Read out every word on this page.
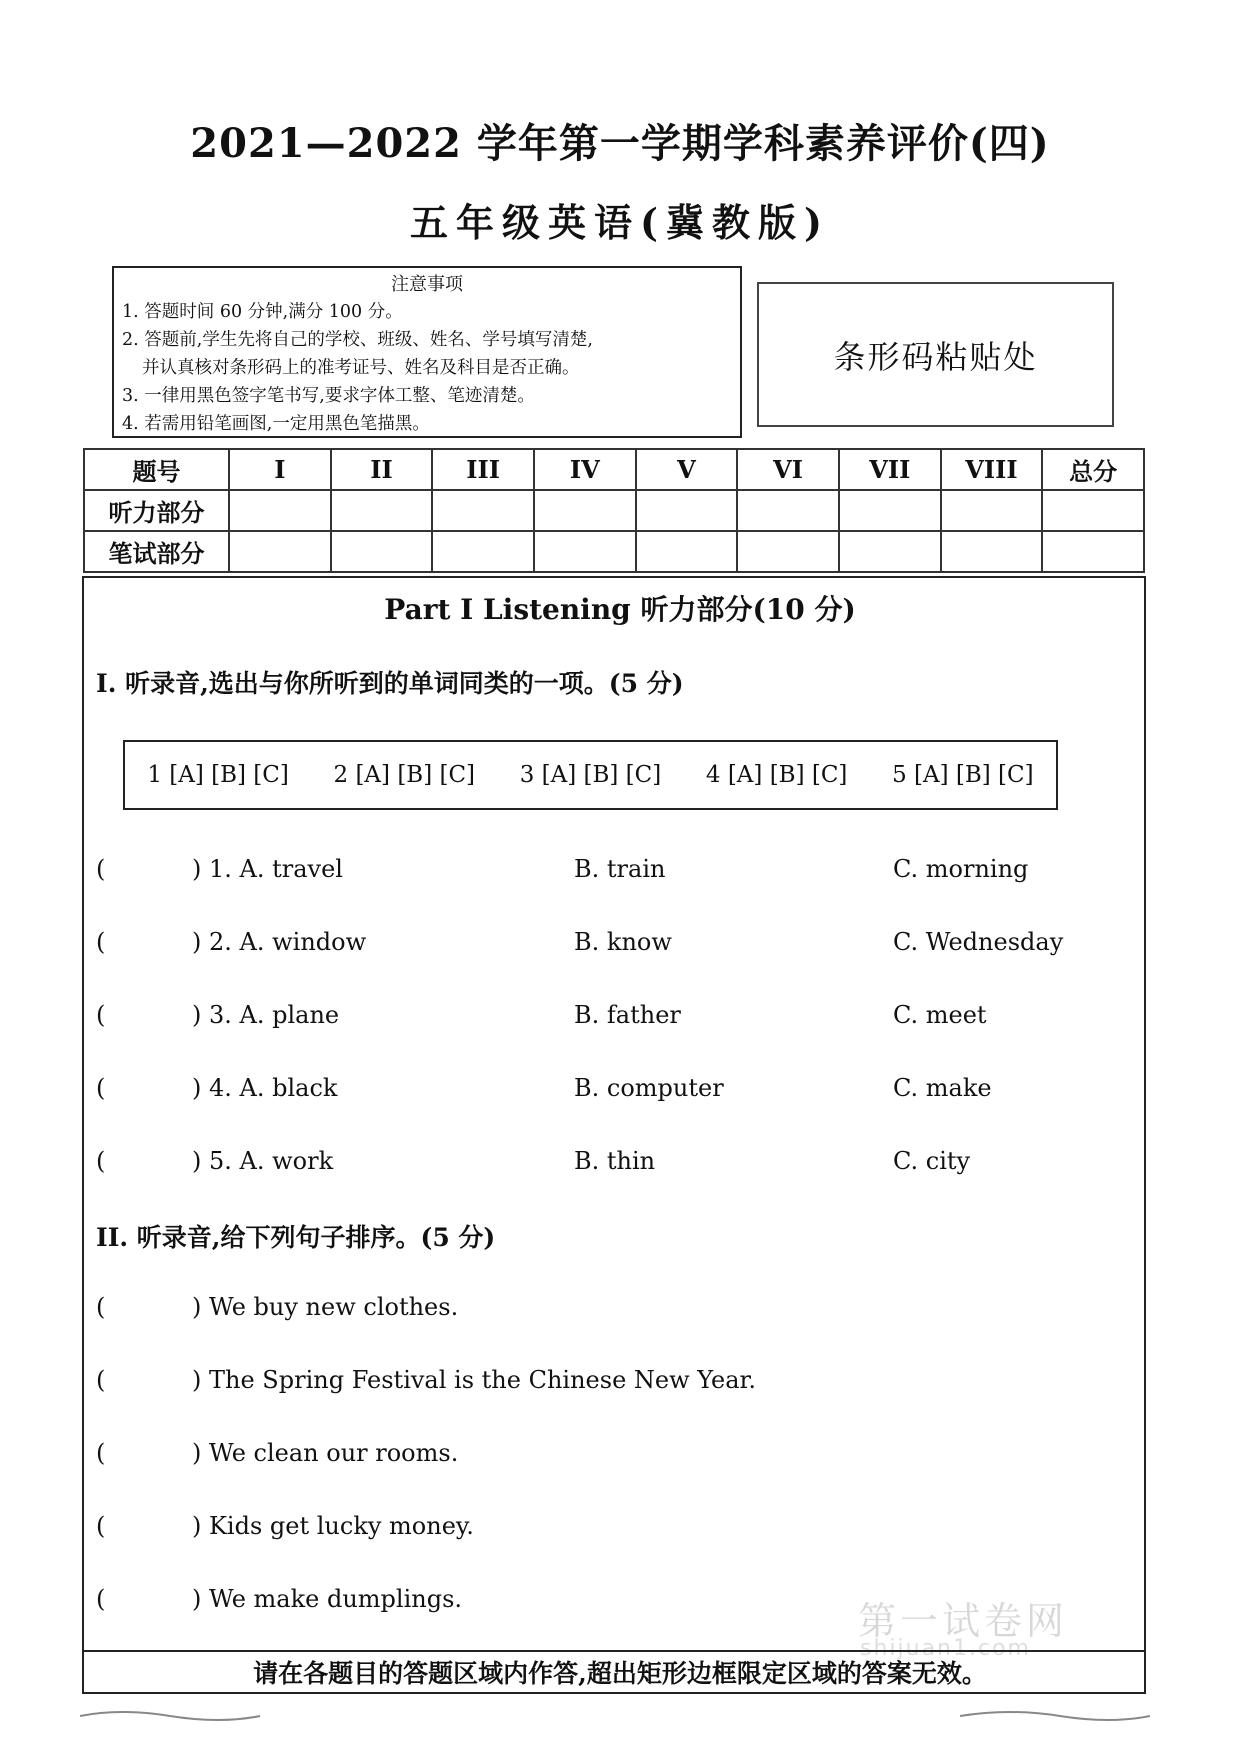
2021—2022 学年第一学期学科素养评价(四)
五年级英语(冀教版)
注意事项
1. 答题时间 60 分钟,满分 100 分。
2. 答题前,学生先将自己的学校、班级、姓名、学号填写清楚,
并认真核对条形码上的准考证号、姓名及科目是否正确。
3. 一律用黑色签字笔书写,要求字体工整、笔迹清楚。
4. 若需用铅笔画图,一定用黑色笔描黑。
条形码粘贴处
题号	I	II	III	IV	V	VI	VII	VIII	总分
听力部分									
笔试部分									
Part I Listening 听力部分(10 分)
I. 听录音,选出与你所听到的单词同类的一项。(5 分)
1 [A] [B] [C] 2 [A] [B] [C] 3 [A] [B] [C] 4 [A] [B] [C] 5 [A] [B] [C]
(	) 1. A. travel	B. train	C. morning
(	) 2. A. window	B. know	C. Wednesday
(	) 3. A. plane	B. father	C. meet
(	) 4. A. black	B. computer	C. make
(	) 5. A. work	B. thin	C. city
II. 听录音,给下列句子排序。(5 分)
(	) We buy new clothes.
(	) The Spring Festival is the Chinese New Year.
(	) We clean our rooms.
(	) Kids get lucky money.
(	) We make dumplings.	第一试卷网
shijuan1.com
请在各题目的答题区域内作答,超出矩形边框限定区域的答案无效。
